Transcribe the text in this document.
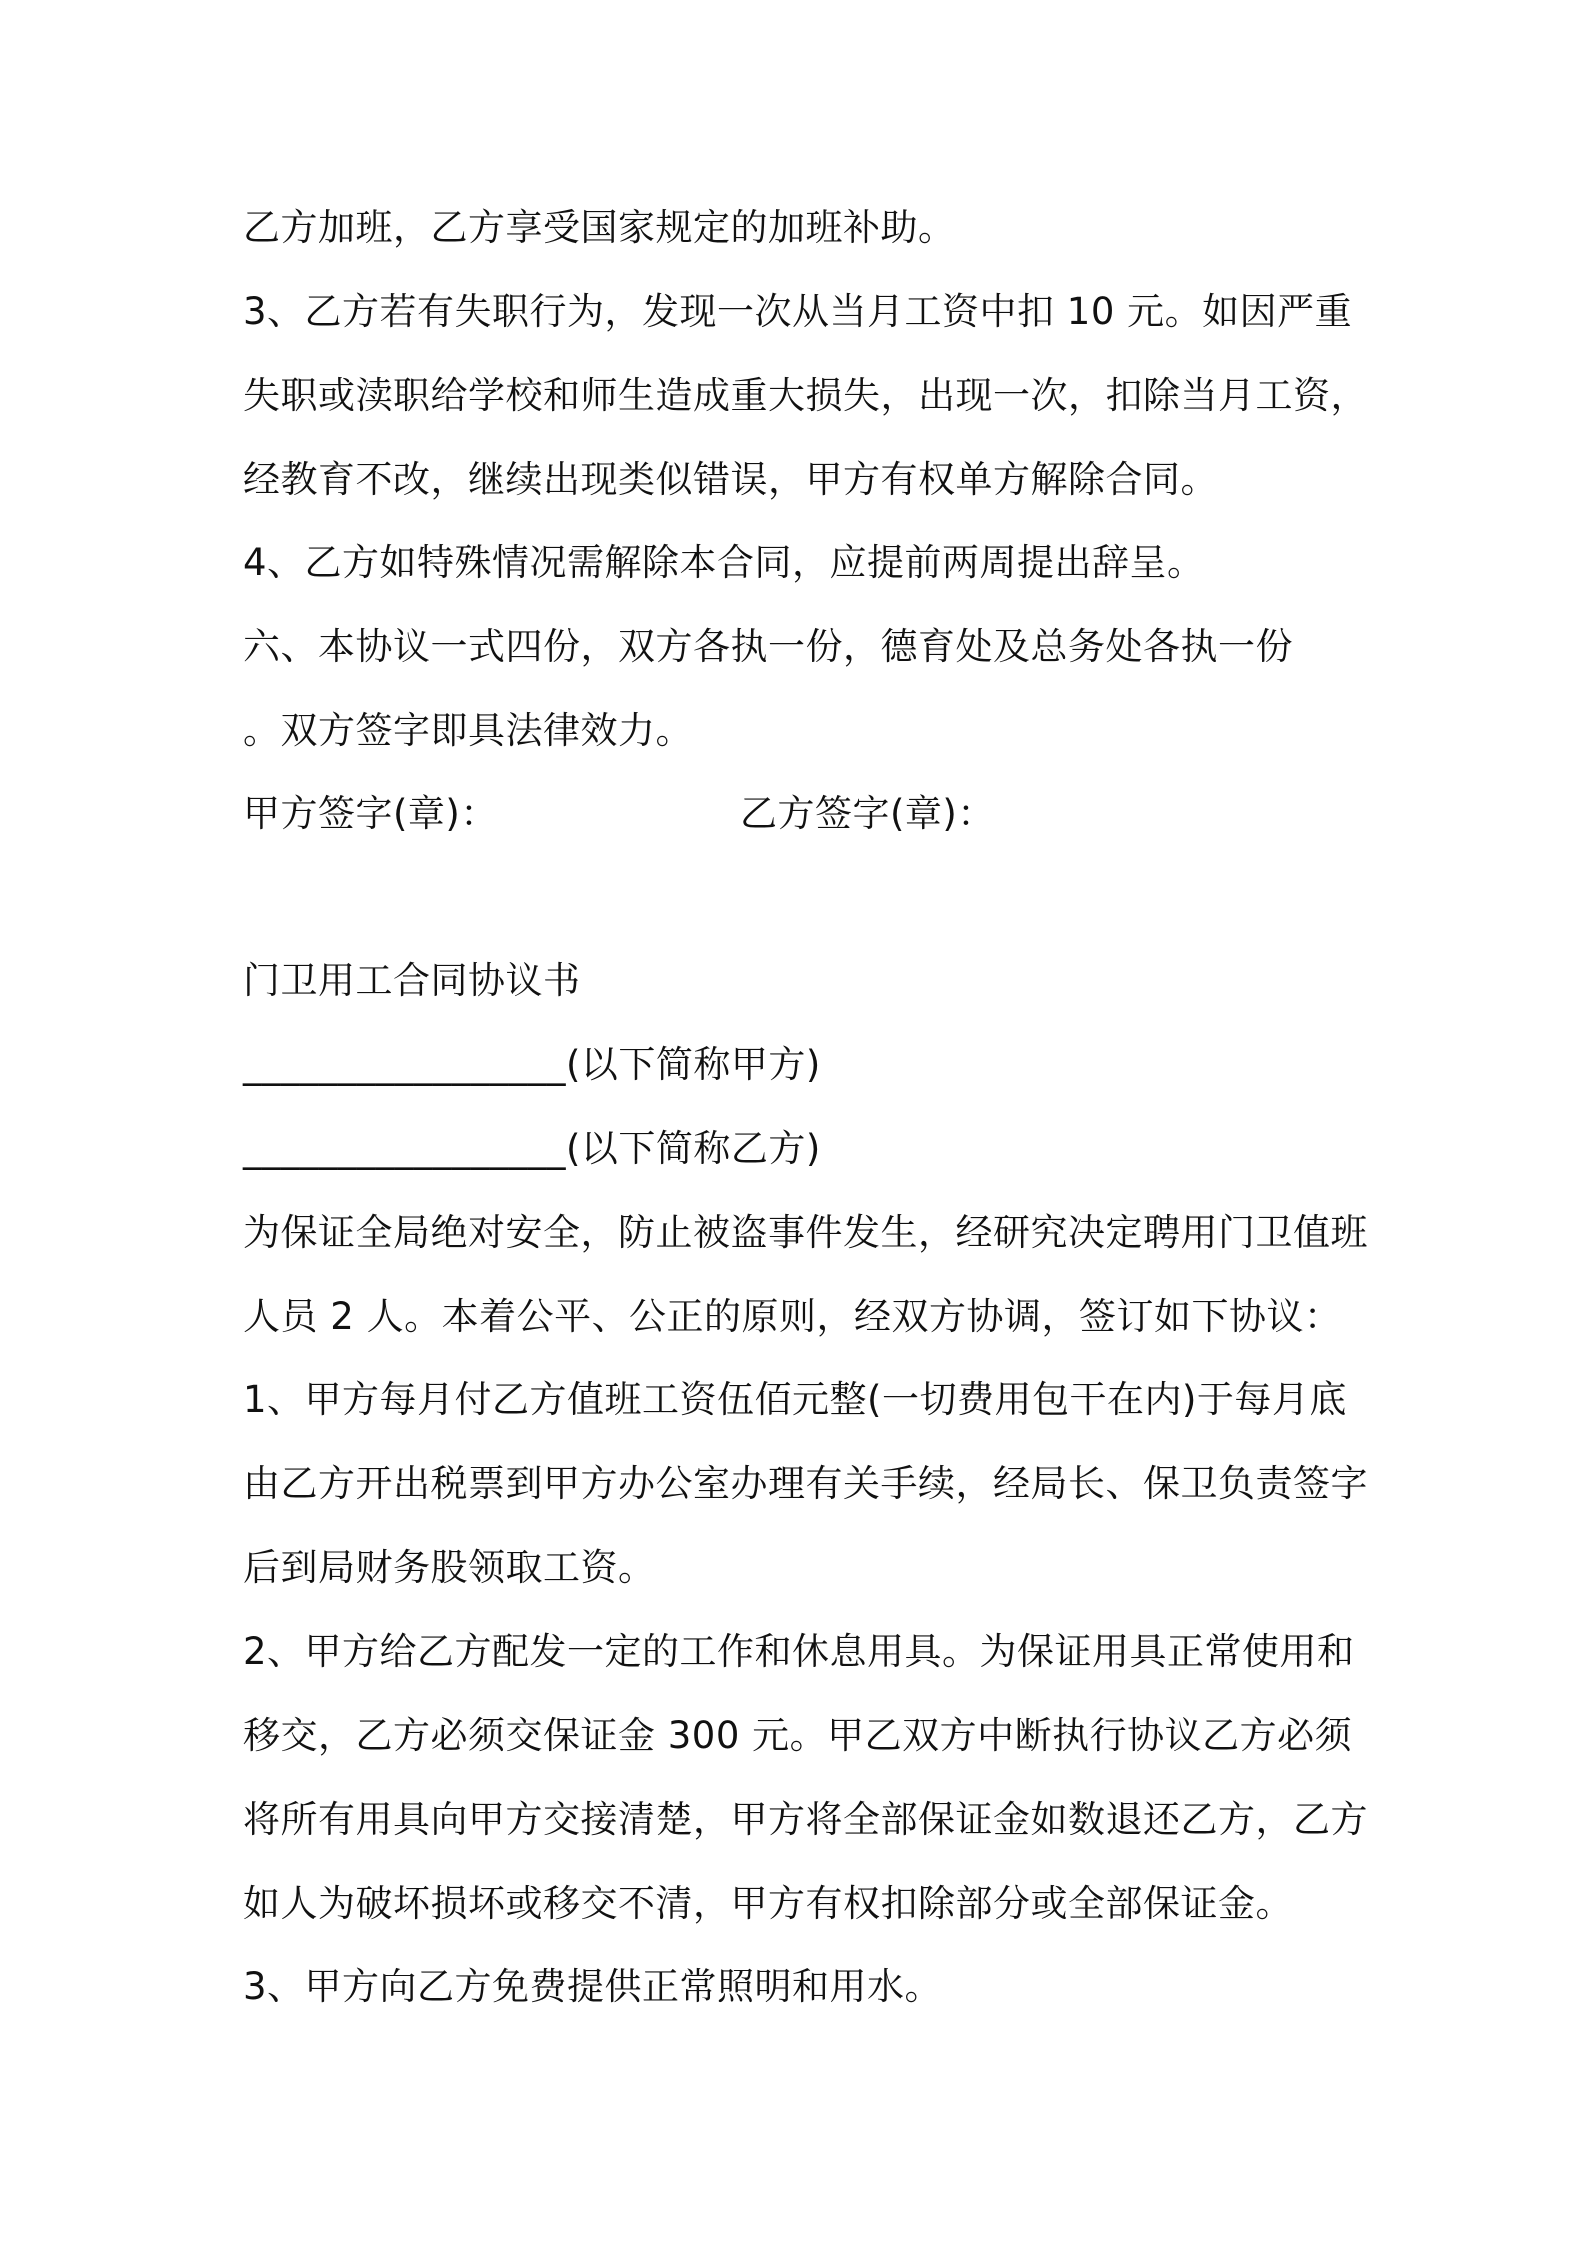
乙方加班，乙方享受国家规定的加班补助。
3、乙方若有失职行为，发现一次从当月工资中扣 10 元。如因严重
失职或渎职给学校和师生造成重大损失，出现一次，扣除当月工资，
经教育不改，继续出现类似错误，甲方有权单方解除合同。
4、乙方如特殊情况需解除本合同，应提前两周提出辞呈。
六、本协议一式四份，双方各执一份，德育处及总务处各执一份
。双方签字即具法律效力。
甲方签字(章)：	乙方签字(章)：
门卫用工合同协议书
_________________(以下简称甲方)
_________________(以下简称乙方)
为保证全局绝对安全，防止被盗事件发生，经研究决定聘用门卫值班
人员 2 人。本着公平、公正的原则，经双方协调，签订如下协议：
1、甲方每月付乙方值班工资伍佰元整(一切费用包干在内)于每月底
由乙方开出税票到甲方办公室办理有关手续，经局长、保卫负责签字
后到局财务股领取工资。
2、甲方给乙方配发一定的工作和休息用具。为保证用具正常使用和
移交，乙方必须交保证金 300 元。甲乙双方中断执行协议乙方必须
将所有用具向甲方交接清楚，甲方将全部保证金如数退还乙方，乙方
如人为破坏损坏或移交不清，甲方有权扣除部分或全部保证金。
3、甲方向乙方免费提供正常照明和用水。
